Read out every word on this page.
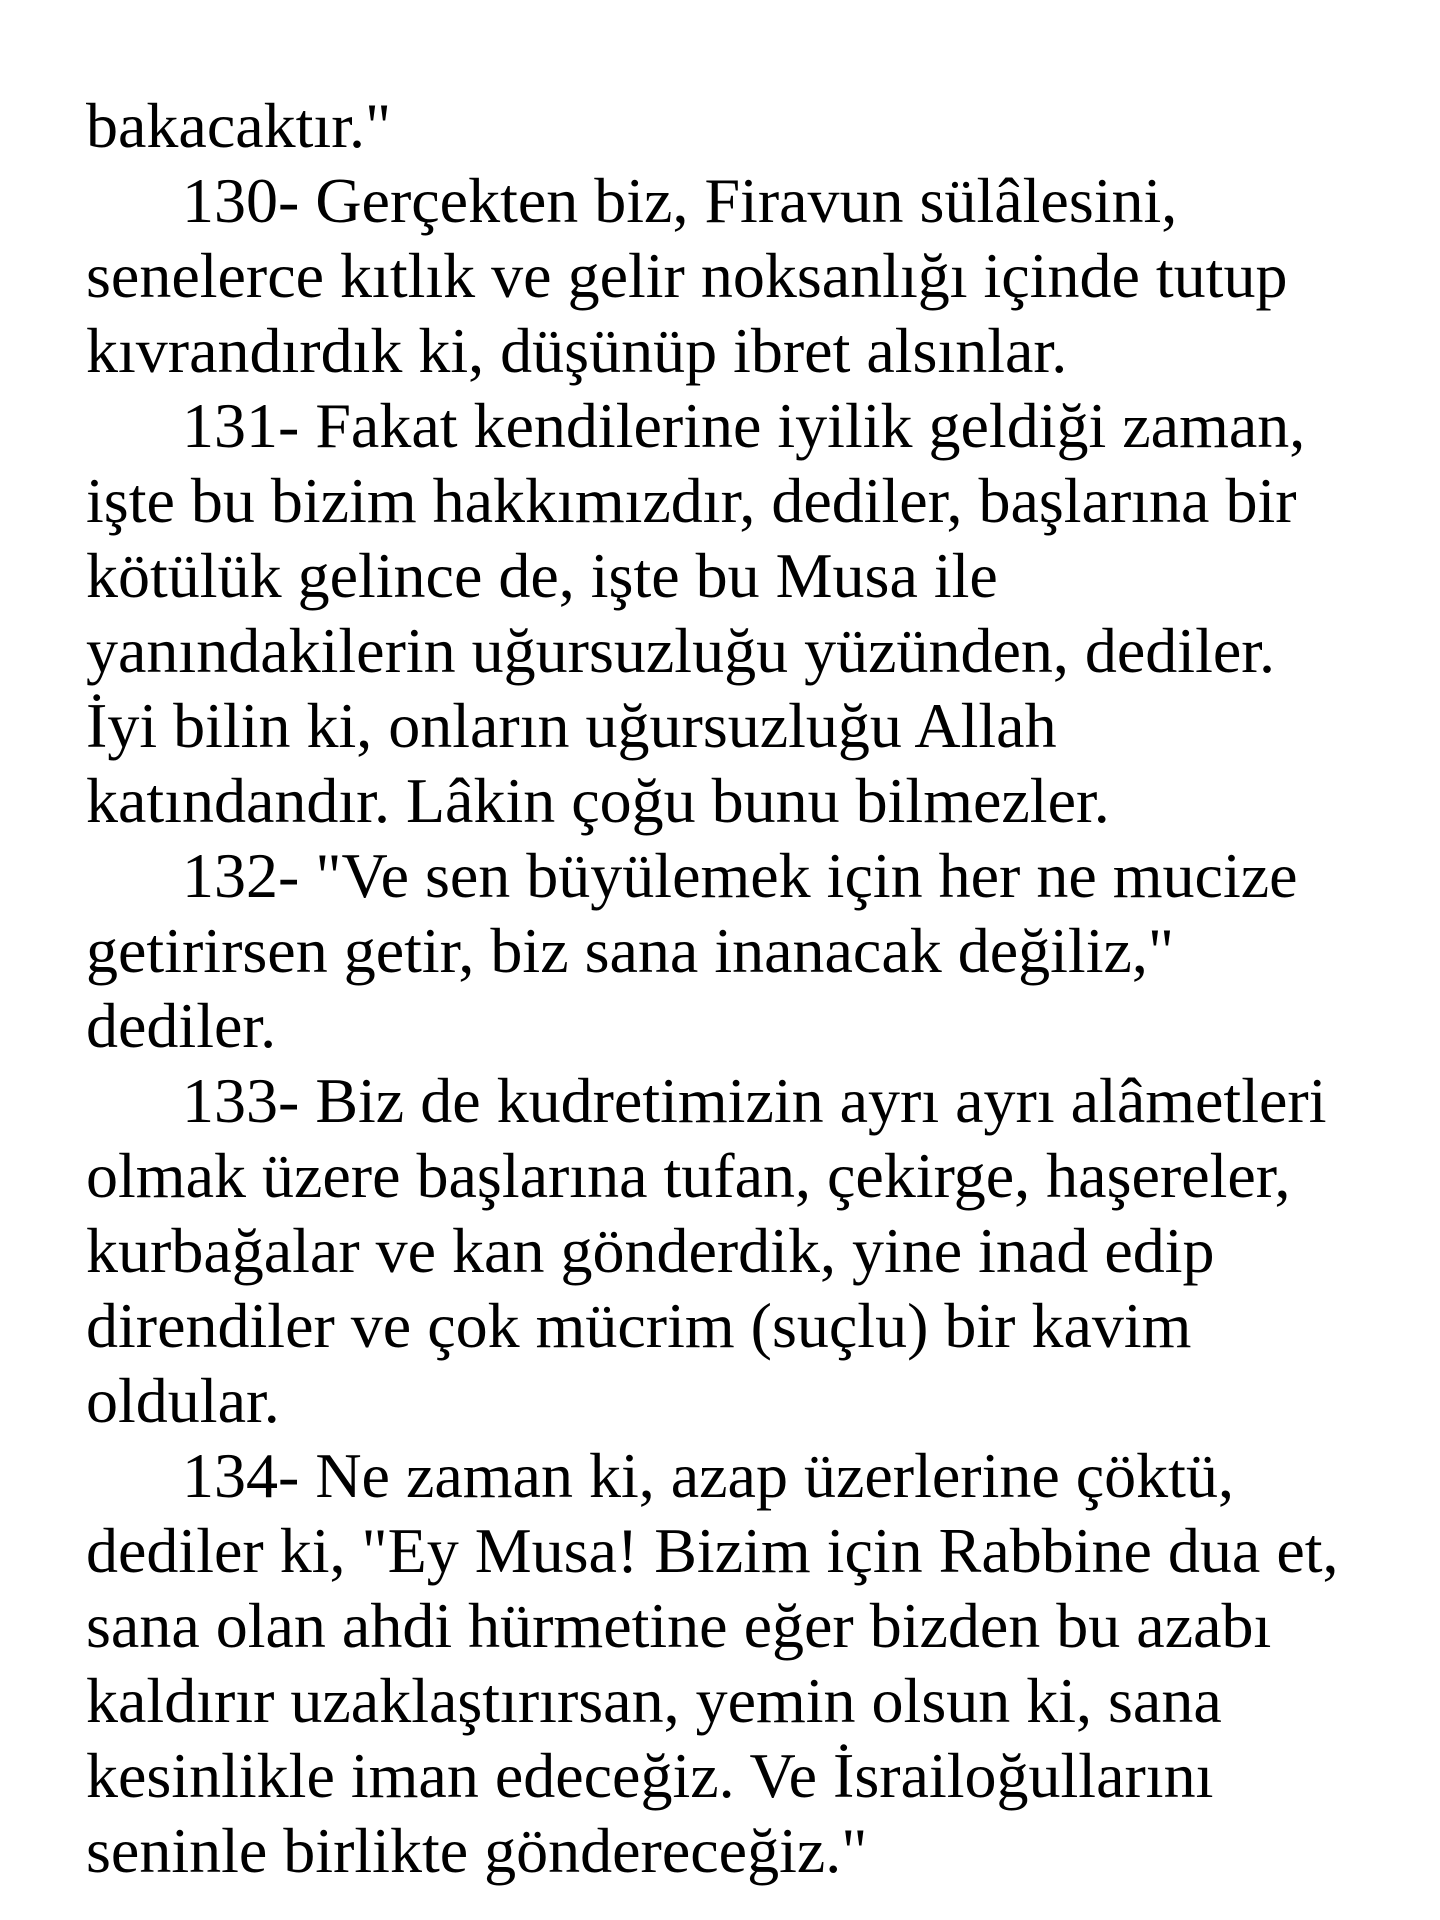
bakacaktır."
130- Gerçekten biz, Firavun sülâlesini,
senelerce kıtlık ve gelir noksanlığı içinde tutup
kıvrandırdık ki, düşünüp ibret alsınlar.
131- Fakat kendilerine iyilik geldiği zaman,
işte bu bizim hakkımızdır, dediler, başlarına bir
kötülük gelince de, işte bu Musa ile
yanındakilerin uğursuzluğu yüzünden, dediler.
İyi bilin ki, onların uğursuzluğu Allah
katındandır. Lâkin çoğu bunu bilmezler.
132- "Ve sen büyülemek için her ne mucize
getirirsen getir, biz sana inanacak değiliz,"
dediler.
133- Biz de kudretimizin ayrı ayrı alâmetleri
olmak üzere başlarına tufan, çekirge, haşereler,
kurbağalar ve kan gönderdik, yine inad edip
direndiler ve çok mücrim (suçlu) bir kavim
oldular.
134- Ne zaman ki, azap üzerlerine çöktü,
dediler ki, "Ey Musa! Bizim için Rabbine dua et,
sana olan ahdi hürmetine eğer bizden bu azabı
kaldırır uzaklaştırırsan, yemin olsun ki, sana
kesinlikle iman edeceğiz. Ve İsrailoğullarını
seninle birlikte göndereceğiz."
